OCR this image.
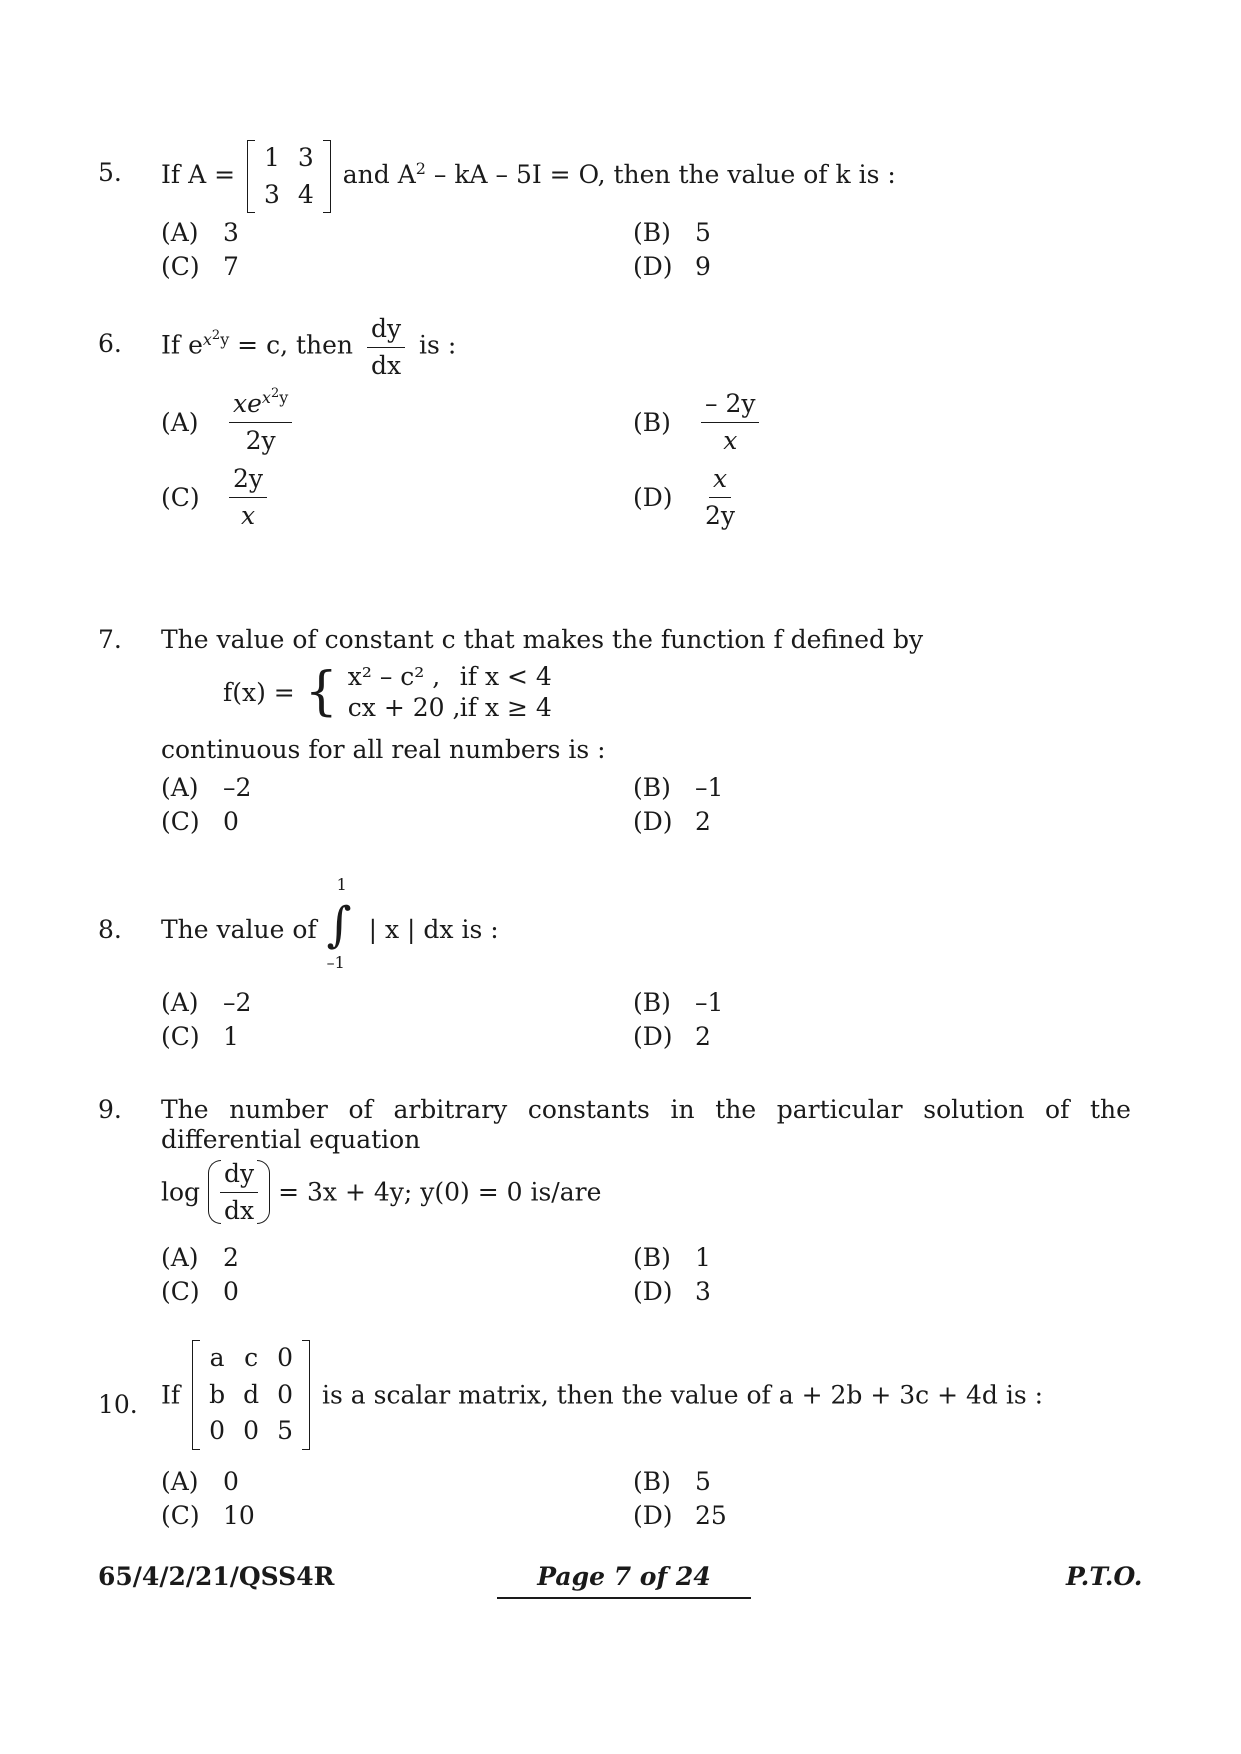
5. If A =
1	3
3	4
and $A^2$ – kA – 5I = O, then the value of k is :
(A) 3	(B) 5
(C) 7	(D) 9
6. If $e^{x^2y} = c$, then $\frac{dy}{dx}$ is :
$(A) \frac{xe^{x^2y}}{2y}$	$(B) \frac{- 2y}{x}$
$(C) \frac{2y}{x}$	$(D) \frac{x}{2y}$
7. The value of constant c that makes the function f defined by
f(x) = { x² – c² , if x < 4
cx + 20 ,if x ≥ 4
continuous for all real numbers is :
(A) –2	(B) –1
(C) 0	(D) 2
8. The value of
1
∫
–1
| x | dx is :
(A) –2	(B) –1
(C) 1	(D) 2
9. The number of arbitrary constants in the particular solution of the
differential equation
$\log \frac{dy}{dx} = 3x + 4y$; y(0) = 0 is/are
(A) 2	(B) 1
(C) 0	(D) 3
10. If
a	c	0
b	d	0
0	0	5
is a scalar matrix, then the value of a + 2b + 3c + 4d is :
(A) 0	(B) 5
(C) 10	(D) 25
65/4/2/21/QSS4R	Page 7 of 24	P.T.O.
